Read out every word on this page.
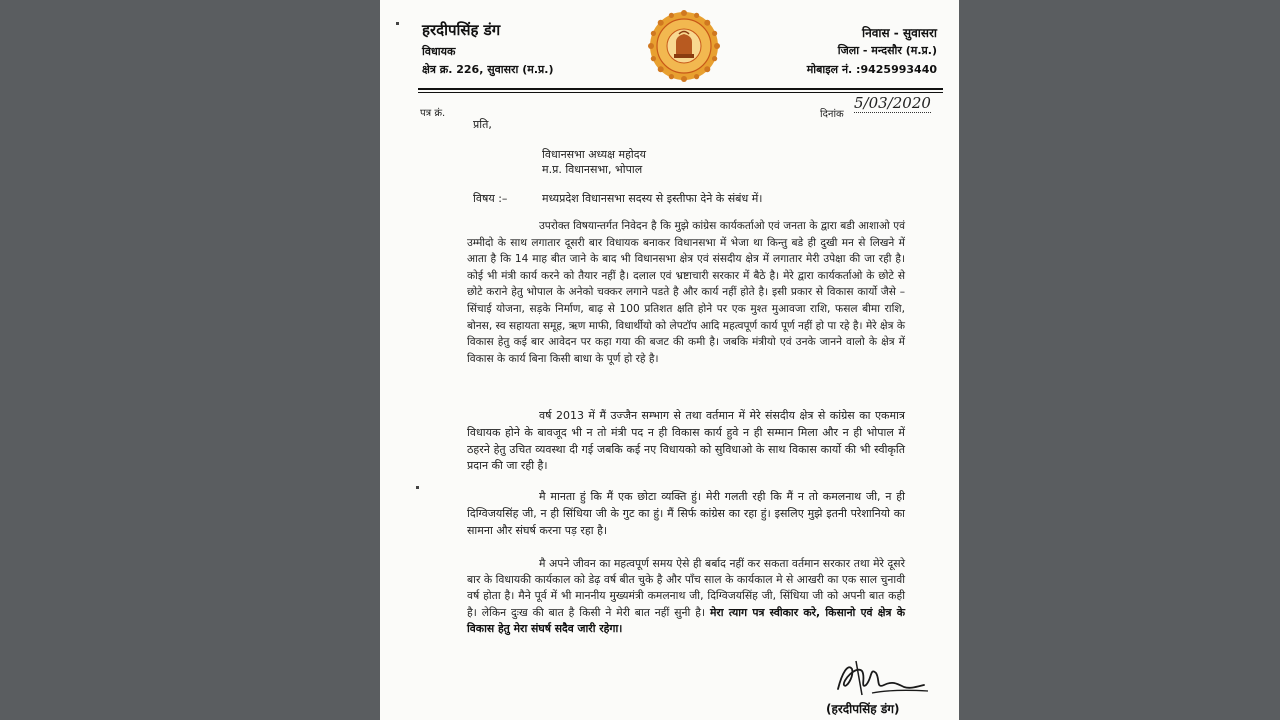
हरदीपसिंह डंग
विधायक
क्षेत्र क्र. 226, सुवासरा (म.प्र.)
निवास - सुवासरा
जिला - मन्दसौर (म.प्र.)
मोबाइल नं. :9425993440
पत्र क्रं.	दिनांक
5/03/2020
प्रति,
विधानसभा अध्यक्ष महोदय
म.प्र. विधानसभा, भोपाल
विषय :–	मध्यप्रदेश विधानसभा सदस्य से इस्तीफा देने के संबंध में।
उपरोक्त विषयान्तर्गत निवेदन है कि मुझे कांग्रेस कार्यकर्ताओ एवं जनता के द्वारा बडी आशाओ एवं उम्मीदो के साथ लगातार दूसरी बार विधायक बनाकर विधानसभा में भेजा था किन्तु बडे ही दुखी मन से लिखने में आता है कि 14 माह बीत जाने के बाद भी विधानसभा क्षेत्र एवं संसदीय क्षेत्र में लगातार मेरी उपेक्षा की जा रही है। कोई भी मंत्री कार्य करने को तैयार नहीं है। दलाल एवं भ्रष्टाचारी सरकार में बैठे है। मेरे द्वारा कार्यकर्ताओ के छोटे से छोटे कराने हेतु भोपाल के अनेको चक्कर लगाने पडते है और कार्य नहीं होते है। इसी प्रकार से विकास कार्यो जैसे – सिंचाई योजना, सड़के निर्माण, बाढ़ से 100 प्रतिशत क्षति होने पर एक मुश्त मुआवजा राशि, फसल बीमा राशि, बोनस, स्व सहायता समूह, ऋण माफी, विधार्थीयो को लेपटॉप आदि महत्वपूर्ण कार्य पूर्ण नहीं हो पा रहे है। मेरे क्षेत्र के विकास हेतु कई बार आवेदन पर कहा गया की बजट की कमी है। जबकि मंत्रीयो एवं उनके जानने वालो के क्षेत्र में विकास के कार्य बिना किसी बाधा के पूर्ण हो रहे है।
वर्ष 2013 में मैं उज्जैन सम्भाग से तथा वर्तमान में मेरे संसदीय क्षेत्र से कांग्रेस का एकमात्र विधायक होने के बावजूद भी न तो मंत्री पद न ही विकास कार्य हुवे न ही सम्मान मिला और न ही भोपाल में ठहरने हेतु उचित व्यवस्था दी गई जबकि कई नए विधायको को सुविधाओ के साथ विकास कार्यो की भी स्वीकृति प्रदान की जा रही है।
मै मानता हुं कि मैं एक छोटा व्यक्ति हुं। मेरी गलती रही कि मैं न तो कमलनाथ जी, न ही दिग्विजयसिंह जी, न ही सिंधिया जी के गुट का हुं। मैं सिर्फ कांग्रेस का रहा हुं। इसलिए मुझे इतनी परेशानियो का सामना और संघर्ष करना पड़ रहा है।
मै अपने जीवन का महत्वपूर्ण समय ऐसे ही बर्बाद नहीं कर सकता वर्तमान सरकार तथा मेरे दूसरे बार के विधायकी कार्यकाल को डेढ़ वर्ष बीत चुके है और पाँच साल के कार्यकाल मे से आखरी का एक साल चुनावी वर्ष होता है। मैने पूर्व में भी माननीय मुख्यमंत्री कमलनाथ जी, दिग्विजयसिंह जी, सिंधिया जी को अपनी बात कही है। लेकिन दुःख की बात है किसी ने मेरी बात नहीं सुनी है। मेरा त्याग पत्र स्वीकार करे, किसानो एवं क्षेत्र के विकास हेतु मेरा संघर्ष सदैव जारी रहेगा।
(हरदीपसिंह डंग)
